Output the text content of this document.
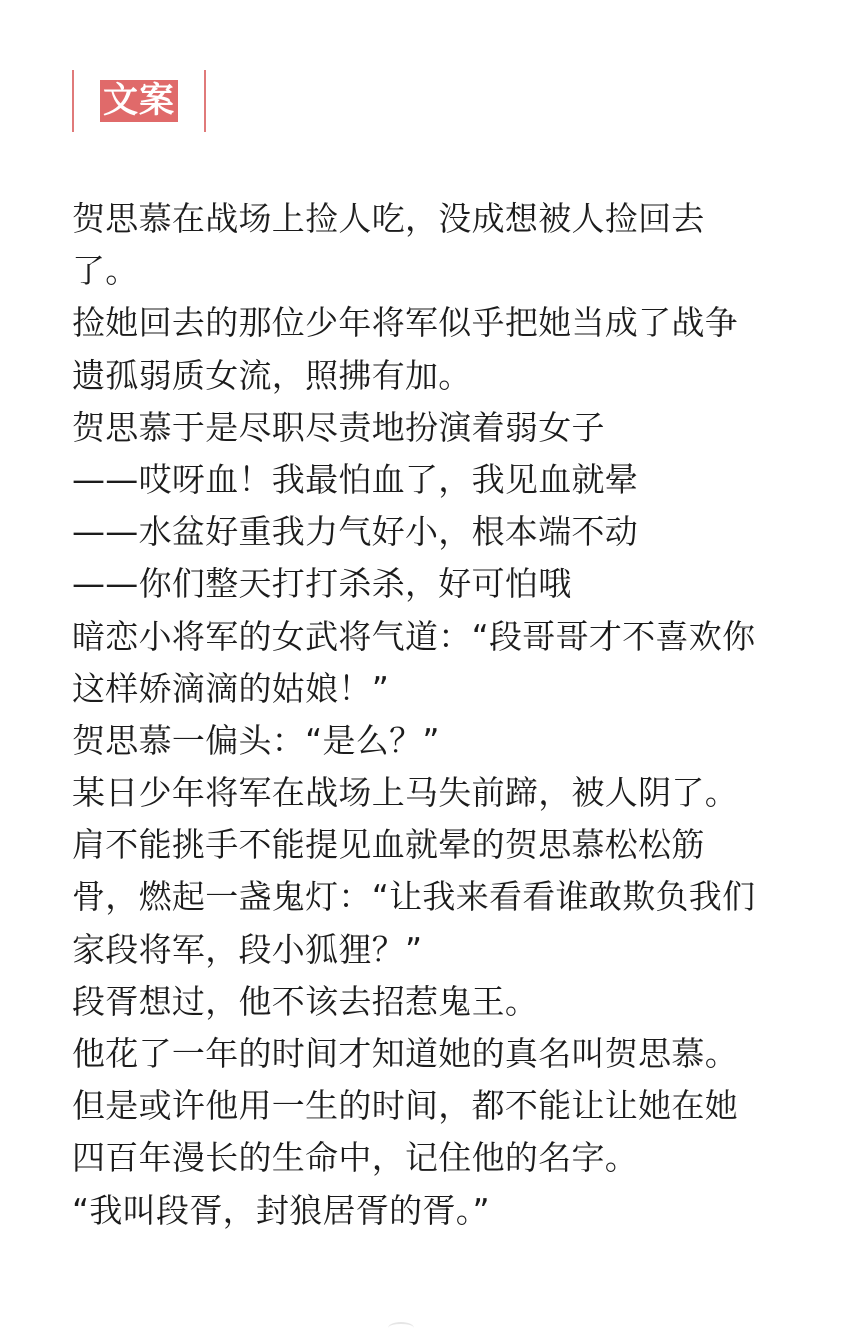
文案
贺思慕在战场上捡人吃，没成想被人捡回去
了。
捡她回去的那位少年将军似乎把她当成了战争
遗孤弱质女流，照拂有加。
贺思慕于是尽职尽责地扮演着弱女子
——哎呀血！我最怕血了，我见血就晕
——水盆好重我力气好小，根本端不动
——你们整天打打杀杀，好可怕哦
暗恋小将军的女武将气道：“段哥哥才不喜欢你
这样娇滴滴的姑娘！”
贺思慕一偏头：“是么？”
某日少年将军在战场上马失前蹄，被人阴了。
肩不能挑手不能提见血就晕的贺思慕松松筋
骨，燃起一盏鬼灯：“让我来看看谁敢欺负我们
家段将军，段小狐狸？”
段胥想过，他不该去招惹鬼王。
他花了一年的时间才知道她的真名叫贺思慕。
但是或许他用一生的时间，都不能让让她在她
四百年漫长的生命中，记住他的名字。
“我叫段胥，封狼居胥的胥。”
